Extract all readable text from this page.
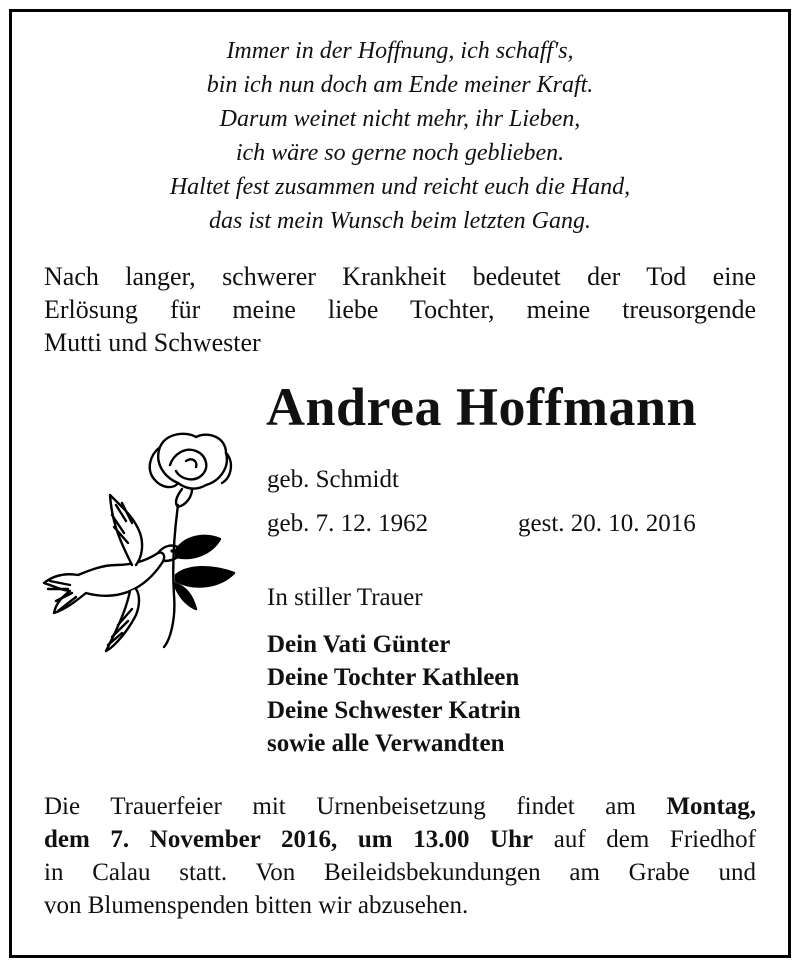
Immer in der Hoffnung, ich schaff's,
bin ich nun doch am Ende meiner Kraft.
Darum weinet nicht mehr, ihr Lieben,
ich wäre so gerne noch geblieben.
Haltet fest zusammen und reicht euch die Hand,
das ist mein Wunsch beim letzten Gang.
Nach langer, schwerer Krankheit bedeutet der Tod eine
Erlösung für meine liebe Tochter, meine treusorgende
Mutti und Schwester
Andrea Hoffmann
geb. Schmidt
geb. 7. 12. 1962	gest. 20. 10. 2016
In stiller Trauer
Dein Vati Günter
Deine Tochter Kathleen
Deine Schwester Katrin
sowie alle Verwandten
Die Trauerfeier mit Urnenbeisetzung findet am Montag,
dem 7. November 2016, um 13.00 Uhr auf dem Friedhof
in Calau statt. Von Beileidsbekundungen am Grabe und
von Blumenspenden bitten wir abzusehen.
